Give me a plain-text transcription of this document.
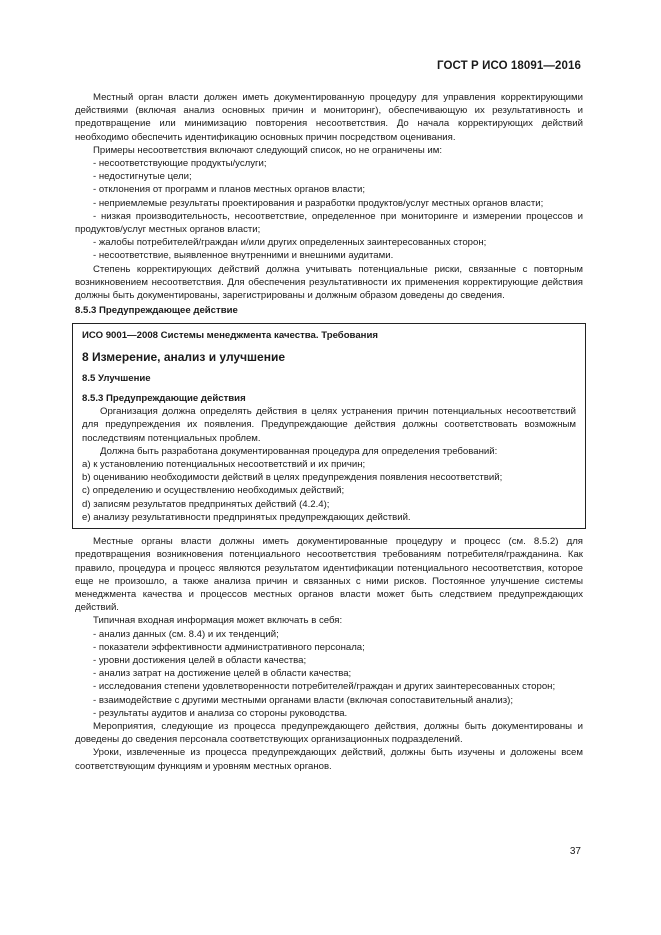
ГОСТ Р ИСО 18091—2016

Местный орган власти должен иметь документированную процедуру для управления корректирующими действиями (включая анализ основных причин и мониторинг), обеспечивающую их результативность и предотвращение или минимизацию повторения несоответствия. До начала корректирующих действий необходимо обеспечить идентификацию основных причин посредством оценивания.

Примеры несоответствия включают следующий список, но не ограничены им:

- несоответствующие продукты/услуги;

- недостигнутые цели;

- отклонения от программ и планов местных органов власти;

- неприемлемые результаты проектирования и разработки продуктов/услуг местных органов власти;

- низкая производительность, несоответствие, определенное при мониторинге и измерении процессов и продуктов/услуг местных органов власти;

- жалобы потребителей/граждан и/или других определенных заинтересованных сторон;

- несоответствие, выявленное внутренними и внешними аудитами.

Степень корректирующих действий должна учитывать потенциальные риски, связанные с повторным возникновением несоответствия. Для обеспечения результативности их применения корректирующие действия должны быть документированы, зарегистрированы и должным образом доведены до сведения.

8.5.3 Предупреждающее действие

ИСО 9001—2008 Системы менеджмента качества. Требования
8 Измерение, анализ и улучшение
8.5 Улучшение
8.5.3 Предупреждающие действия

Организация должна определять действия в целях устранения причин потенциальных несоответствий для предупреждения их появления. Предупреждающие действия должны соответствовать возможным последствиям потенциальных проблем.

Должна быть разработана документированная процедура для определения требований:

а) к установлению потенциальных несоответствий и их причин;

b) оцениванию необходимости действий в целях предупреждения появления несоответствий;

c) определению и осуществлению необходимых действий;

d) записям результатов предпринятых действий (4.2.4);

e) анализу результативности предпринятых предупреждающих действий.

Местные органы власти должны иметь документированные процедуру и процесс (см. 8.5.2) для предотвращения возникновения потенциального несоответствия требованиям потребителя/гражданина. Как правило, процедура и процесс являются результатом идентификации потенциального несоответствия, которое еще не произошло, а также анализа причин и связанных с ними рисков. Постоянное улучшение системы менеджмента качества и процессов местных органов власти может быть следствием предупреждающих действий.

Типичная входная информация может включать в себя:

- анализ данных (см. 8.4) и их тенденций;

- показатели эффективности административного персонала;

- уровни достижения целей в области качества;

- анализ затрат на достижение целей в области качества;

- исследования степени удовлетворенности потребителей/граждан и других заинтересованных сторон;

- взаимодействие с другими местными органами власти (включая сопоставительный анализ);

- результаты аудитов и анализа со стороны руководства.

Мероприятия, следующие из процесса предупреждающего действия, должны быть документированы и доведены до сведения персонала соответствующих организационных подразделений.

Уроки, извлеченные из процесса предупреждающих действий, должны быть изучены и доложены всем соответствующим функциям и уровням местных органов.

37
